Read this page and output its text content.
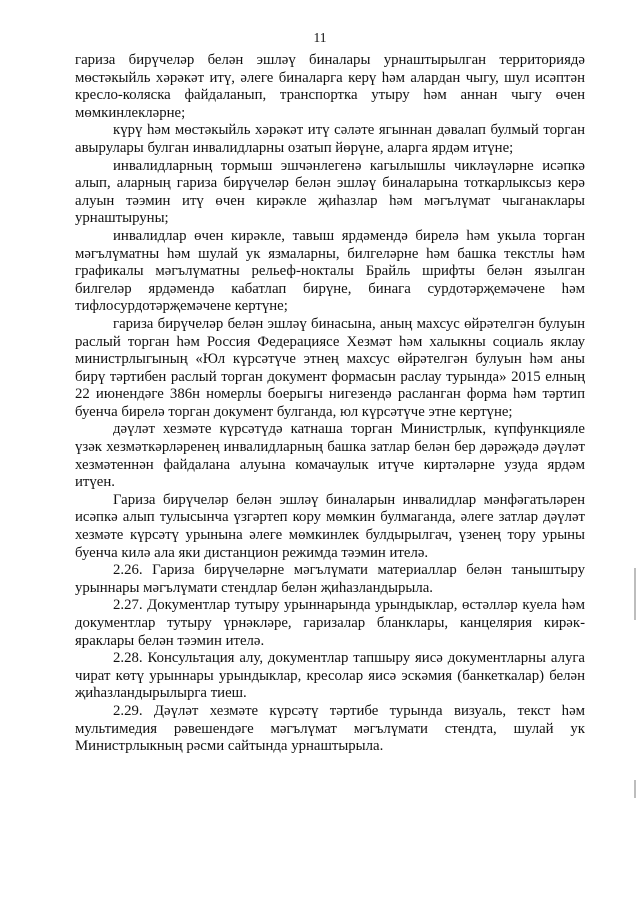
11

гариза бирүчеләр белән эшләү биналары урнаштырылган территориядә мөстәкыйль хәрәкәт итү, әлеге биналарга керү һәм алардан чыгу, шул исәптән кресло-коляска файдаланып, транспортка утыру һәм аннан чыгу өчен мөмкинлекләрне;

күрү һәм мөстәкыйль хәрәкәт итү сәләте ягыннан дәвалап булмый торган авырулары булган инвалидларны озатып йөрүне, аларга ярдәм итүне;

инвалидларның тормыш эшчәнлегенә кагылышлы чикләүләрне исәпкә алып, аларның гариза бирүчеләр белән эшләү биналарына тоткарлыксыз керә алуын тәэмин итү өчен кирәкле җиһазлар һәм мәгълүмат чыганаклары урнаштыруны;

инвалидлар өчен кирәкле, тавыш ярдәмендә бирелә һәм укыла торган мәгълүматны һәм шулай ук язмаларны, билгеләрне һәм башка текстлы һәм графикалы мәгълүматны рельеф-нокталы Брайль шрифты белән язылган билгеләр ярдәмендә кабатлап бирүне, бинага сурдотәрҗемәчене һәм тифлосурдотәрҗемәчене кертүне;

гариза бирүчеләр белән эшләү бинасына, аның махсус өйрәтелгән булуын раслый торган һәм Россия Федерациясе Хезмәт һәм халыкны социаль яклау министрлыгының «Юл күрсәтүче этнең махсус өйрәтелгән булуын һәм аны бирү тәртибен раслый торган документ формасын раслау турында» 2015 елның 22 июнендәге 386н номерлы боерыгы нигезендә расланган форма һәм тәртип буенча бирелә торган документ булганда, юл күрсәтүче этне кертүне;

дәүләт хезмәте күрсәтүдә катнаша торган Министрлык, күпфункцияле үзәк хезмәткәрләренең инвалидларның башка затлар белән бер дәрәҗәдә дәүләт хезмәтеннән файдалана алуына комачаулык итүче киртәләрне узуда ярдәм итүен.

Гариза бирүчеләр белән эшләү биналарын инвалидлар мәнфәгатьләрен исәпкә алып тулысынча үзгәртеп кору мөмкин булмаганда, әлеге затлар дәүләт хезмәте күрсәтү урынына әлеге мөмкинлек булдырылгач, үзенең тору урыны буенча килә ала яки дистанцион режимда тәэмин ителә.

2.26. Гариза бирүчеләрне мәгълүмати материаллар белән таныштыру урыннары мәгълүмати стендлар белән җиһазландырыла.

2.27. Документлар тутыру урыннарында урындыклар, өстәлләр куела һәм документлар тутыру үрнәкләре, гаризалар бланклары, канцелярия кирәк-яраклары белән тәэмин ителә.

2.28. Консультация алу, документлар тапшыру яисә документларны алуга чират көтү урыннары урындыклар, кресолар яисә эскәмия (банкеткалар) белән җиһазландырылырга тиеш.

2.29. Дәүләт хезмәте күрсәтү тәртибе турында визуаль, текст һәм мультимедия рәвешендәге мәгълүмат мәгълүмати стендта, шулай ук Министрлыкның рәсми сайтында урнаштырыла.
